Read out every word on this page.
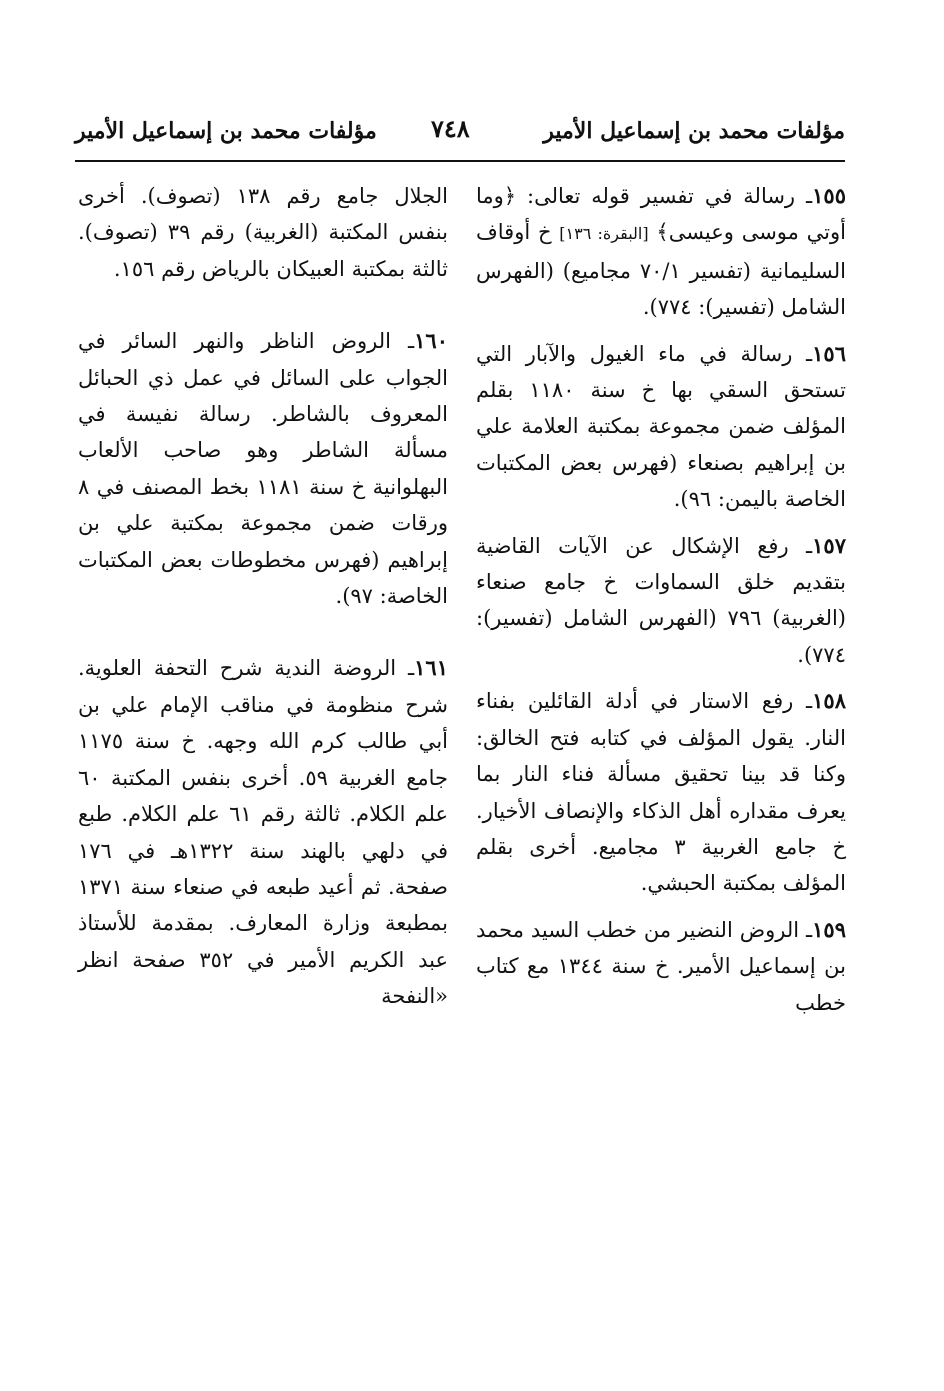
مؤلفات محمد بن إسماعيل الأمير
٧٤٨
مؤلفات محمد بن إسماعيل الأمير

١٥٥ـ رسالة في تفسير قوله تعالى: ﴿وما أوتي موسى وعيسى﴾ [البقرة: ١٣٦] خ أوقاف السليمانية (تفسير ٧٠/١ مجاميع) (الفهرس الشامل (تفسير): ٧٧٤).

١٥٦ـ رسالة في ماء الغيول والآبار التي تستحق السقي بها خ سنة ١١٨٠ بقلم المؤلف ضمن مجموعة بمكتبة العلامة علي بن إبراهيم بصنعاء (فهرس بعض المكتبات الخاصة باليمن: ٩٦).

١٥٧ـ رفع الإشكال عن الآيات القاضية بتقديم خلق السماوات خ جامع صنعاء (الغربية) ٧٩٦ (الفهرس الشامل (تفسير): ٧٧٤).

١٥٨ـ رفع الاستار في أدلة القائلين بفناء النار. يقول المؤلف في كتابه فتح الخالق: وكنا قد بينا تحقيق مسألة فناء النار بما يعرف مقداره أهل الذكاء والإنصاف الأخيار. خ جامع الغربية ٣ مجاميع. أخرى بقلم المؤلف بمكتبة الحبشي.

١٥٩ـ الروض النضير من خطب السيد محمد بن إسماعيل الأمير. خ سنة ١٣٤٤ مع كتاب خطب

الجلال جامع رقم ١٣٨ (تصوف). أخرى بنفس المكتبة (الغربية) رقم ٣٩ (تصوف). ثالثة بمكتبة العبيكان بالرياض رقم ١٥٦.

١٦٠ـ الروض الناظر والنهر السائر في الجواب على السائل في عمل ذي الحبائل المعروف بالشاطر. رسالة نفيسة في مسألة الشاطر وهو صاحب الألعاب البهلوانية خ سنة ١١٨١ بخط المصنف في ٨ ورقات ضمن مجموعة بمكتبة علي بن إبراهيم (فهرس مخطوطات بعض المكتبات الخاصة: ٩٧).

١٦١ـ الروضة الندية شرح التحفة العلوية. شرح منظومة في مناقب الإمام علي بن أبي طالب كرم الله وجهه. خ سنة ١١٧٥ جامع الغربية ٥٩. أخرى بنفس المكتبة ٦٠ علم الكلام. ثالثة رقم ٦١ علم الكلام. طبع في دلهي بالهند سنة ١٣٢٢هـ في ١٧٦ صفحة. ثم أعيد طبعه في صنعاء سنة ١٣٧١ بمطبعة وزارة المعارف. بمقدمة للأستاذ عبد الكريم الأمير في ٣٥٢ صفحة انظر «النفحة
